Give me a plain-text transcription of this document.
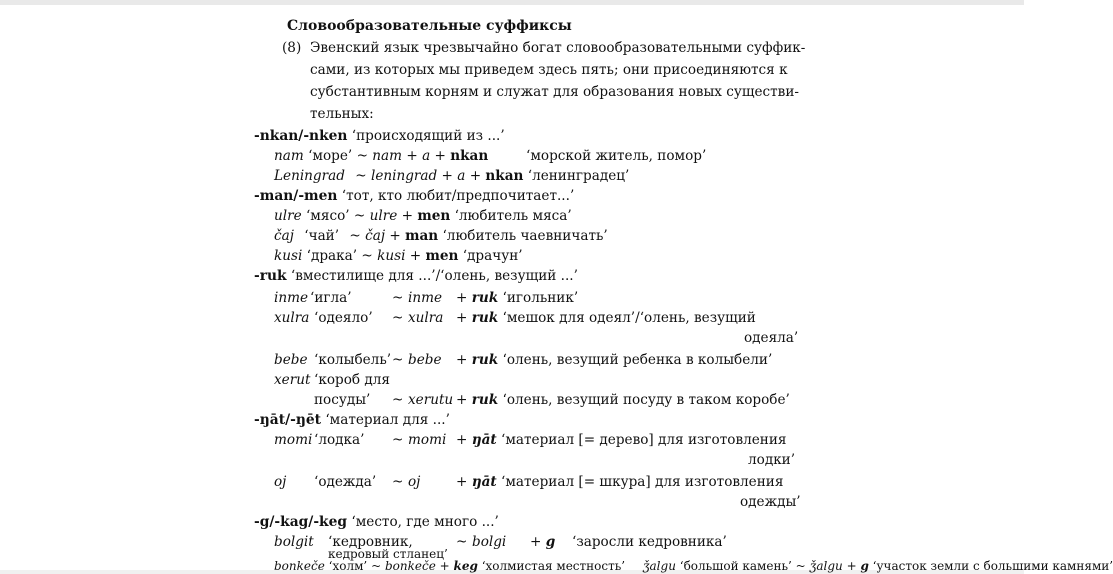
Словообразовательные суффиксы
(8) Эвенский язык чрезвычайно богат словообразовательными суффик-
сами, из которых мы приведем здесь пять; они присоединяются к
субстантивным корням и служат для образования новых существи-
тельных:
-nkan/-nken ‘происходящий из ...’
nam ‘море’ ~ nam + a + nkan	‘морской житель, помор’
Leningrad ~ leningrad + a + nkan ‘ленинградец’
-man/-men ‘тот, кто любит/предпочитает...’
ulre ‘мясо’ ~ ulre + men ‘любитель мяса’
čaj ‘чай’ ~ čaj + man ‘любитель чаевничать’
kusi ‘драка’ ~ kusi + men ‘драчун’
-ruk ‘вместилище для ...’/‘олень, везущий ...’
inme ‘игла’	~ inme + ruk ‘игольник’
xulra ‘одеяло’ ~ xulra + ruk ‘мешок для одеял’/‘олень, везущий
одеяла’
bebe ‘колыбель’ ~ bebe + ruk ‘олень, везущий ребенка в колыбели’
xerut ‘короб для
посуды’ ~ xerutu + ruk ‘олень, везущий посуду в таком коробе’
-ŋāt/-ŋēt ‘материал для ...’
momi ‘лодка’ ~ momi + ŋāt ‘материал [= дерево] для изготовления
лодки’
oj ‘одежда’ ~ oj	+ ŋāt ‘материал [= шкура] для изготовления
одежды’
-g/-kag/-keg ‘место, где много ...’
bolgit ‘кедровник,	~ bolgi + g ‘заросли кедровника’
кедровый стланец’
bonkeče ‘холм’ ~ bonkeče + keg ‘холмистая местность’ ǯalgu ‘большой камень’ ~ ǯalgu + g ‘участок земли с большими камнями’
